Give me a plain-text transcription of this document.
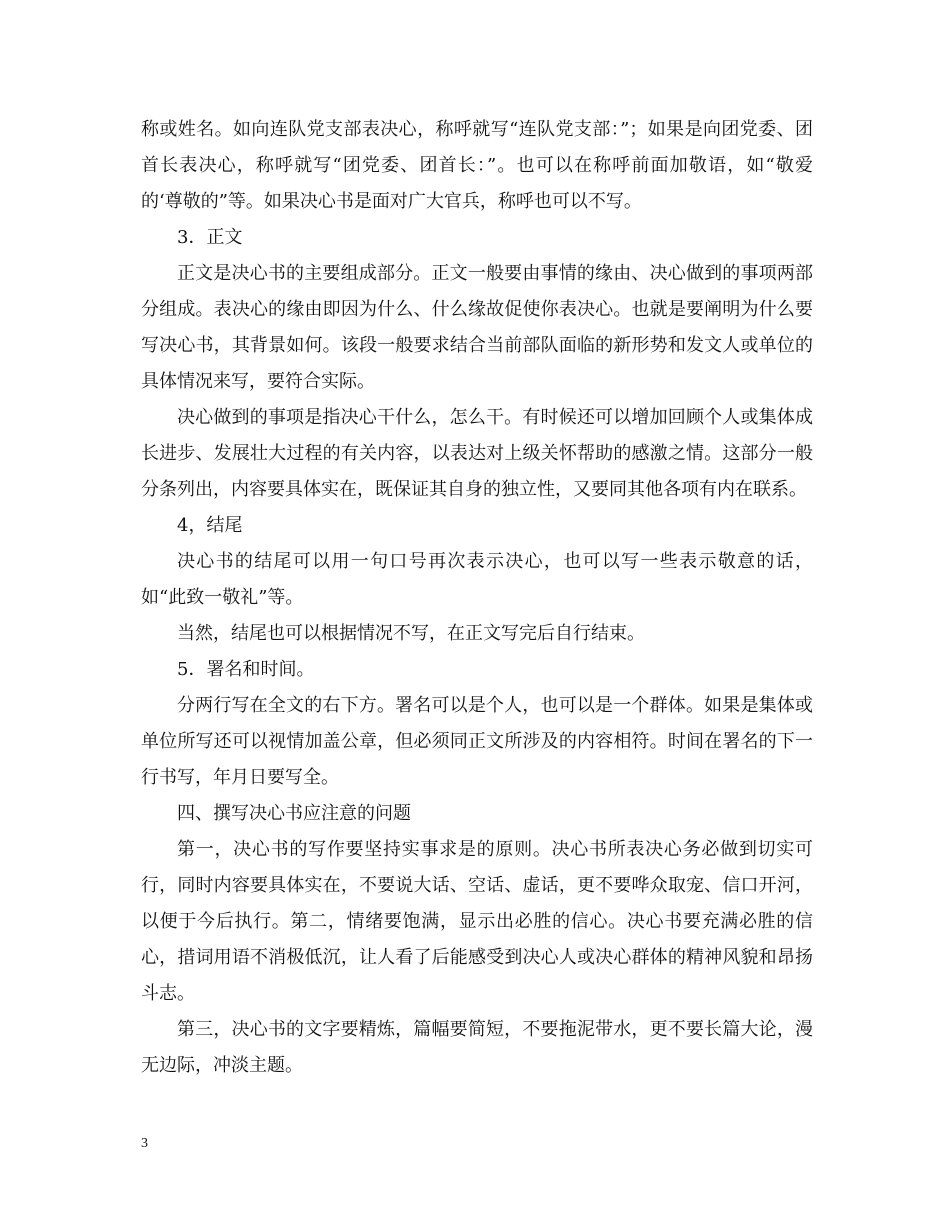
称或姓名。如向连队党支部表决心，称呼就写“连队党支部：”；如果是向团党委、团首长表决心，称呼就写“团党委、团首长：”。也可以在称呼前面加敬语，如“敬爱的‘尊敬的”等。如果决心书是面对广大官兵，称呼也可以不写。

3．正文

正文是决心书的主要组成部分。正文一般要由事情的缘由、决心做到的事项两部分组成。表决心的缘由即因为什么、什么缘故促使你表决心。也就是要阐明为什么要写决心书，其背景如何。该段一般要求结合当前部队面临的新形势和发文人或单位的具体情况来写，要符合实际。

决心做到的事项是指决心干什么，怎么干。有时候还可以增加回顾个人或集体成长进步、发展壮大过程的有关内容，以表达对上级关怀帮助的感激之情。这部分一般分条列出，内容要具体实在，既保证其自身的独立性，又要同其他各项有内在联系。

4，结尾

决心书的结尾可以用一句口号再次表示决心，也可以写一些表示敬意的话，如“此致一敬礼”等。

当然，结尾也可以根据情况不写，在正文写完后自行结束。

5．署名和时间。

分两行写在全文的右下方。署名可以是个人，也可以是一个群体。如果是集体或单位所写还可以视情加盖公章，但必须同正文所涉及的内容相符。时间在署名的下一行书写，年月日要写全。

四、撰写决心书应注意的问题

第一，决心书的写作要坚持实事求是的原则。决心书所表决心务必做到切实可行，同时内容要具体实在，不要说大话、空话、虚话，更不要哗众取宠、信口开河，以便于今后执行。第二，情绪要饱满，显示出必胜的信心。决心书要充满必胜的信心，措词用语不消极低沉，让人看了后能感受到决心人或决心群体的精神风貌和昂扬斗志。

第三，决心书的文字要精炼，篇幅要简短，不要拖泥带水，更不要长篇大论，漫无边际，冲淡主题。

3
